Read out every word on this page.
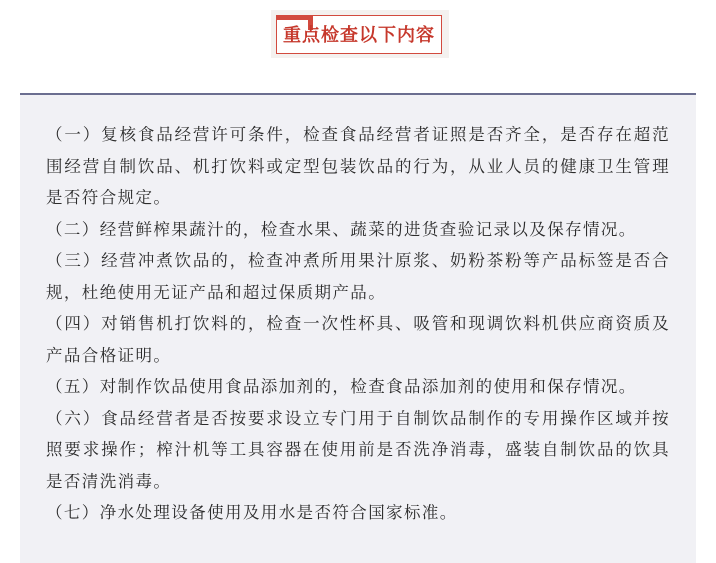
重点检查以下内容

（一）复核食品经营许可条件，检查食品经营者证照是否齐全，是否存在超范围经营自制饮品、机打饮料或定型包装饮品的行为，从业人员的健康卫生管理是否符合规定。

（二）经营鲜榨果蔬汁的，检查水果、蔬菜的进货查验记录以及保存情况。

（三）经营冲煮饮品的，检查冲煮所用果汁原浆、奶粉茶粉等产品标签是否合规，杜绝使用无证产品和超过保质期产品。

（四）对销售机打饮料的，检查一次性杯具、吸管和现调饮料机供应商资质及产品合格证明。

（五）对制作饮品使用食品添加剂的，检查食品添加剂的使用和保存情况。

（六）食品经营者是否按要求设立专门用于自制饮品制作的专用操作区域并按照要求操作；榨汁机等工具容器在使用前是否洗净消毒，盛装自制饮品的饮具是否清洗消毒。

（七）净水处理设备使用及用水是否符合国家标准。
